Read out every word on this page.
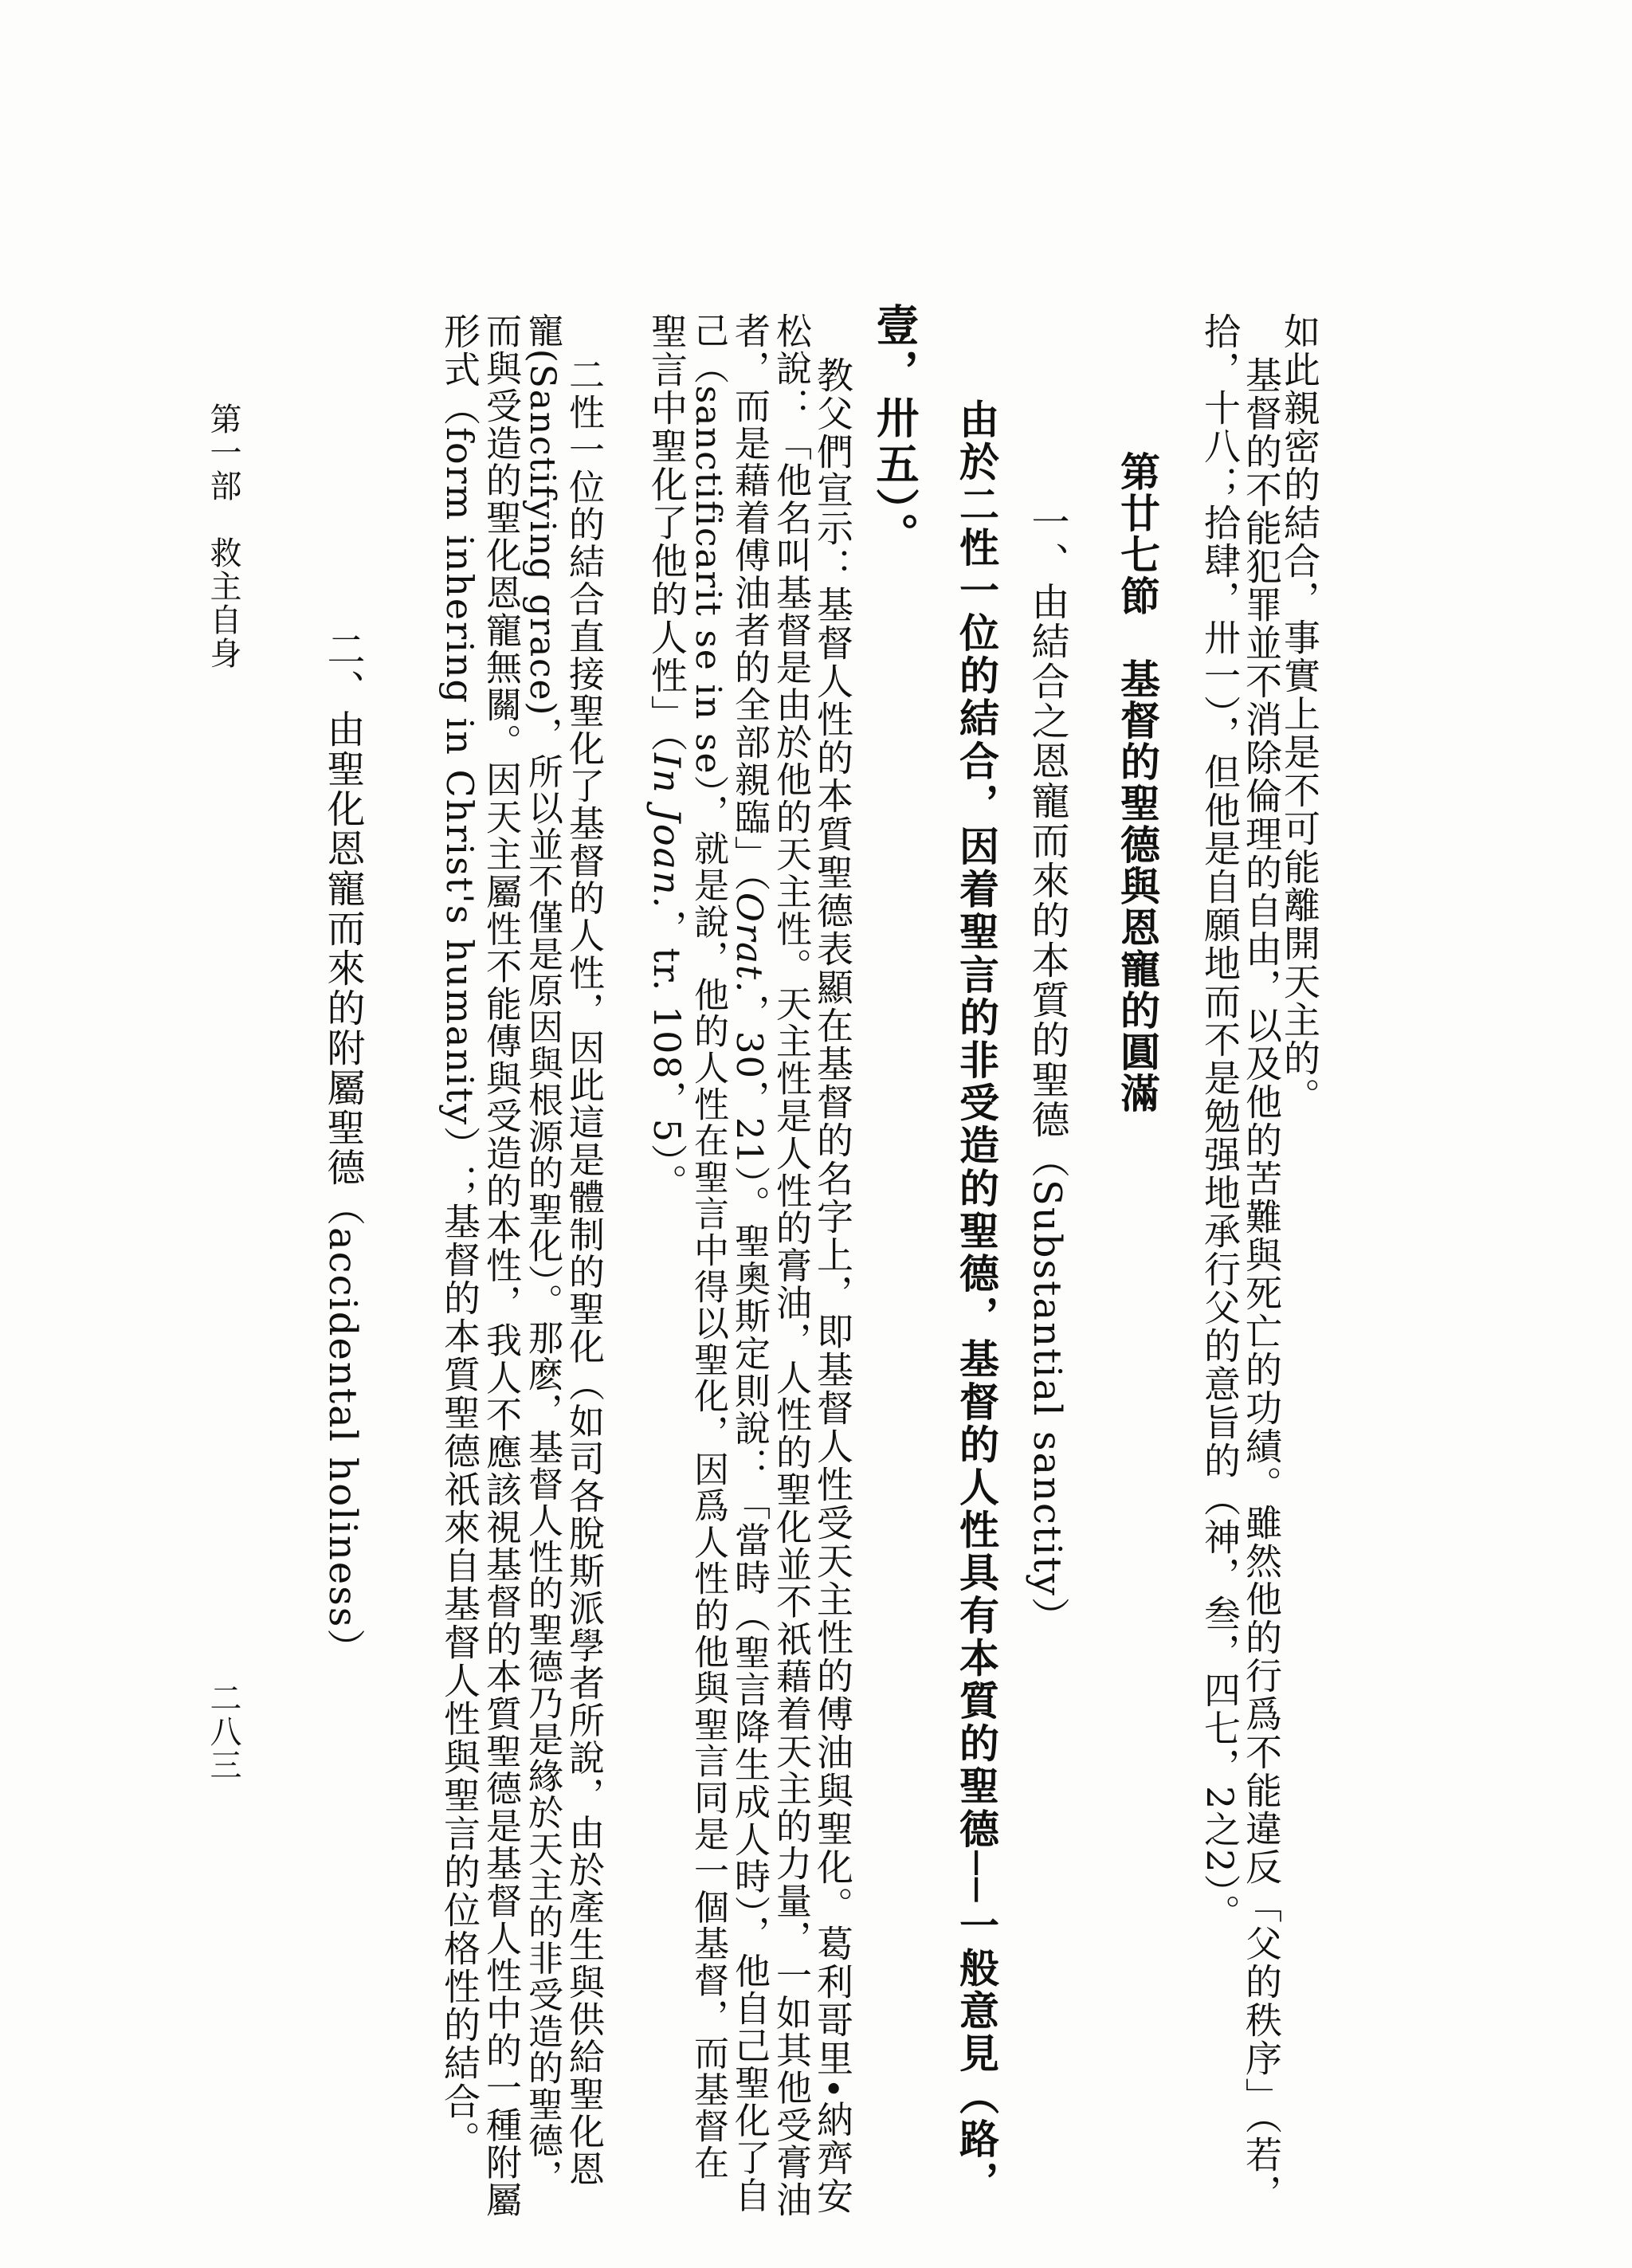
如此親密的結合，事實上是不可能離開天主的。
基督的不能犯罪並不消除倫理的自由，以及他的苦難與死亡的功績。雖然他的行爲不能違反「父的秩序」（若，
拾，十八；拾肆，卅一），但他是自願地而不是勉强地承行父的意旨的（神，叁，四七，2之2）。
第廿七節　基督的聖德與恩寵的圓滿
一、由結合之恩寵而來的本質的聖德（Substantial sanctity）
由於二性一位的結合，因着聖言的非受造的聖德，基督的人性具有本質的聖德──一般意見（路，
壹，卅五）。
教父們宣示：基督人性的本質聖德表顯在基督的名字上，即基督人性受天主性的傅油與聖化。葛利哥里•納齊安
松說：「他名叫基督是由於他的天主性。天主性是人性的膏油，人性的聖化並不祇藉着天主的力量，一如其他受膏油
者，而是藉着傅油者的全部親臨」（Orat.，30，21）。聖奧斯定則說：「當時（聖言降生成人時），他自己聖化了自
己（sanctificarit se in se），就是說，他的人性在聖言中得以聖化，因爲人性的他與聖言同是一個基督，而基督在
聖言中聖化了他的人性」（In Joan.，tr. 108，5）。
二性一位的結合直接聖化了基督的人性，因此這是體制的聖化（如司各脫斯派學者所說，由於產生與供給聖化恩
寵(Sanctifying grace)，所以並不僅是原因與根源的聖化）。那麽，基督人性的聖德乃是緣於天主的非受造的聖德，
而與受造的聖化恩寵無關。因天主屬性不能傳與受造的本性，我人不應該視基督的本質聖德是基督人性中的一種附屬
形式（form inhering in Christ's humanity）；基督的本質聖德祇來自基督人性與聖言的位格性的結合。
二、由聖化恩寵而來的附屬聖德（accidental holiness）
第一部　救主自身
二八三
